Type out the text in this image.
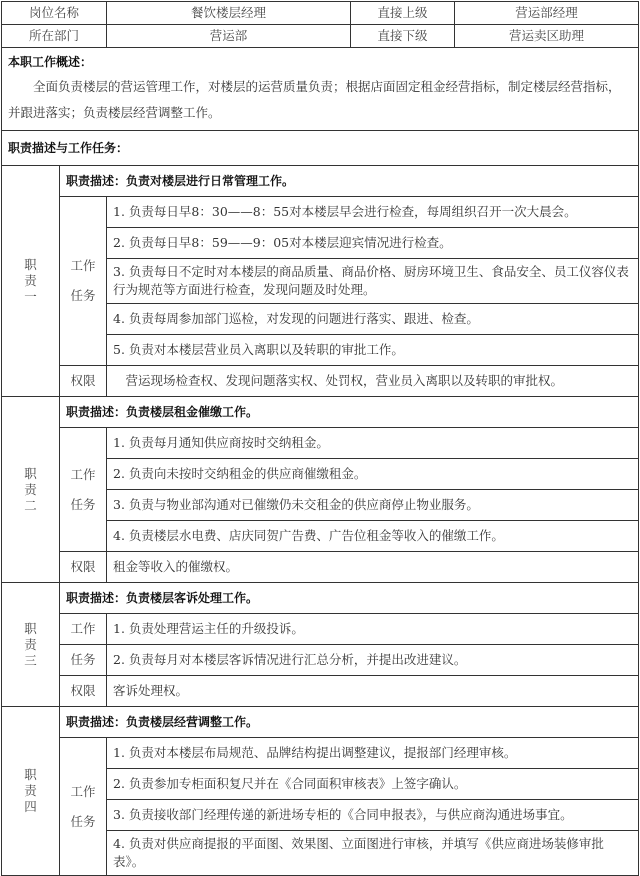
岗位名称		餐饮楼层经理	直接上级	营运部经理
所在部门		营运部	直接下级	营运卖区助理

本职工作概述：

全面负责楼层的营运管理工作，对楼层的运营质量负责；根据店面固定租金经营指标，制定楼层经营指标，并跟进落实；负责楼层经营调整工作。				

职责描述与工作任务：				

职
责
一	职责描述：负责对楼层进行日常管理工作。			

	工作
任务	1. 负责每日早8：30——8：55对本楼层早会进行检查，每周组织召开一次大晨会。		
		2. 负责每日早8：59——9：05对本楼层迎宾情况进行检查。		
		3. 负责每日不定时对本楼层的商品质量、商品价格、厨房环境卫生、食品安全、员工仪容仪表行为规范等方面进行检查，发现问题及时处理。		
		4. 负责每周参加部门巡检，对发现的问题进行落实、跟进、检查。		
		5. 负责对本楼层营业员入离职以及转职的审批工作。		
	权限	营运现场检查权、发现问题落实权、处罚权，营业员入离职以及转职的审批权。		

职
责
二	职责描述：负责楼层租金催缴工作。			

	工作
任务	1. 负责每月通知供应商按时交纳租金。		
		2. 负责向未按时交纳租金的供应商催缴租金。		
		3. 负责与物业部沟通对已催缴仍未交租金的供应商停止物业服务。		
		4. 负责楼层水电费、店庆同贺广告费、广告位租金等收入的催缴工作。		
	权限	租金等收入的催缴权。		

职
责
三	职责描述：负责楼层客诉处理工作。			
	工作	1. 负责处理营运主任的升级投诉。		
	任务	2. 负责每月对本楼层客诉情况进行汇总分析，并提出改进建议。		
	权限	客诉处理权。		

职
责
四	职责描述：负责楼层经营调整工作。			

	工作
任务	1. 负责对本楼层布局规范、品牌结构提出调整建议，提报部门经理审核。		
		2. 负责参加专柜面积复尺并在《合同面积审核表》上签字确认。		
		3. 负责接收部门经理传递的新进场专柜的《合同申报表》，与供应商沟通进场事宜。		
		4. 负责对供应商提报的平面图、效果图、立面图进行审核，并填写《供应商进场装修审批表》。		
